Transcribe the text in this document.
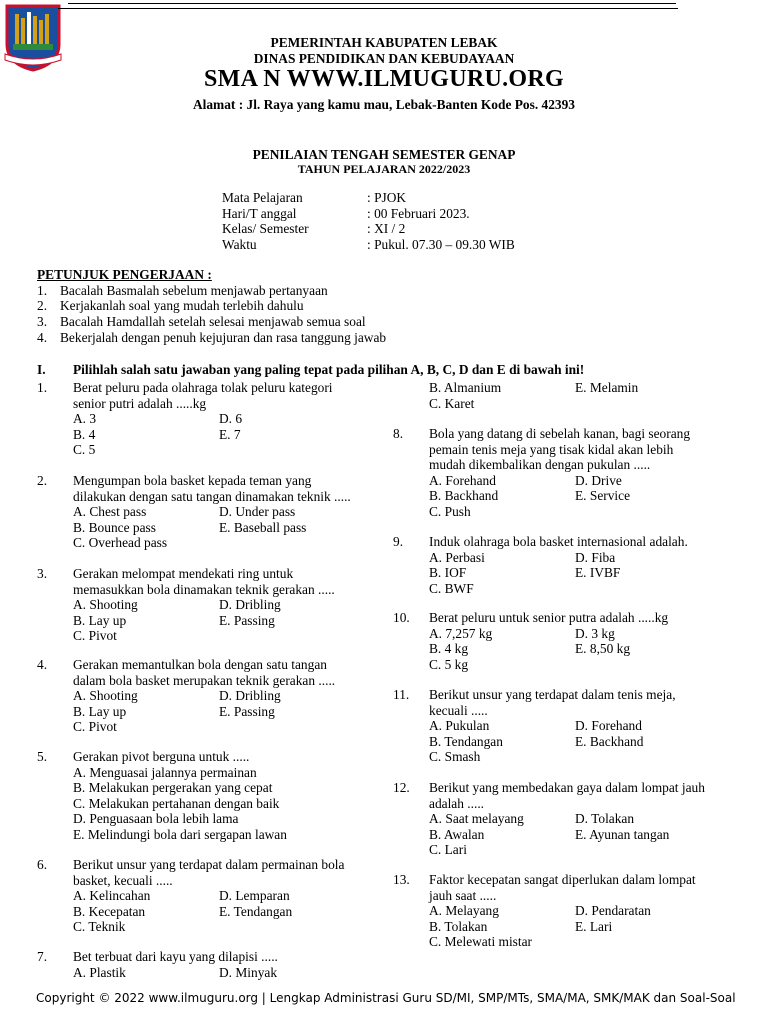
PEMERINTAH KABUPATEN LEBAK
DINAS PENDIDIKAN DAN KEBUDAYAAN
SMA N WWW.ILMUGURU.ORG
Alamat : Jl. Raya yang kamu mau, Lebak-Banten Kode Pos. 42393
PENILAIAN TENGAH SEMESTER GENAP
TAHUN PELAJARAN 2022/2023
Mata Pelajaran	: PJOK
Hari/T anggal	: 00 Februari 2023.
Kelas/ Semester	: XI / 2
Waktu	: Pukul. 07.30 – 09.30 WIB
PETUNJUK PENGERJAAN :
1. Bacalah Basmalah sebelum menjawab pertanyaan
2. Kerjakanlah soal yang mudah terlebih dahulu
3. Bacalah Hamdallah setelah selesai menjawab semua soal
4. Bekerjalah dengan penuh kejujuran dan rasa tanggung jawab
I. Pilihlah salah satu jawaban yang paling tepat pada pilihan A, B, C, D dan E di bawah ini!
1. Berat peluru pada olahraga tolak peluru kategori
senior putri adalah .....kg
A. 3	D. 6
B. 4	E. 7
C. 5
2. Mengumpan bola basket kepada teman yang
dilakukan dengan satu tangan dinamakan teknik .....
A. Chest pass	D. Under pass
B. Bounce pass	E. Baseball pass
C. Overhead pass
3. Gerakan melompat mendekati ring untuk
memasukkan bola dinamakan teknik gerakan .....
A. Shooting	D. Dribling
B. Lay up	E. Passing
C. Pivot
4. Gerakan memantulkan bola dengan satu tangan
dalam bola basket merupakan teknik gerakan .....
A. Shooting	D. Dribling
B. Lay up	E. Passing
C. Pivot
5. Gerakan pivot berguna untuk .....
A. Menguasai jalannya permainan
B. Melakukan pergerakan yang cepat
C. Melakukan pertahanan dengan baik
D. Penguasaan bola lebih lama
E. Melindungi bola dari sergapan lawan
6. Berikut unsur yang terdapat dalam permainan bola
basket, kecuali .....
A. Kelincahan	D. Lemparan
B. Kecepatan	E. Tendangan
C. Teknik
7. Bet terbuat dari kayu yang dilapisi .....
A. Plastik	D. Minyak
B. Almanium	E. Melamin
C. Karet
8. Bola yang datang di sebelah kanan, bagi seorang
pemain tenis meja yang tisak kidal akan lebih
mudah dikembalikan dengan pukulan .....
A. Forehand	D. Drive
B. Backhand	E. Service
C. Push
9. Induk olahraga bola basket internasional adalah.
A. Perbasi	D. Fiba
B. IOF	E. IVBF
C. BWF
10. Berat peluru untuk senior putra adalah .....kg
A. 7,257 kg	D. 3 kg
B. 4 kg	E. 8,50 kg
C. 5 kg
11. Berikut unsur yang terdapat dalam tenis meja,
kecuali .....
A. Pukulan	D. Forehand
B. Tendangan	E. Backhand
C. Smash
12. Berikut yang membedakan gaya dalam lompat jauh
adalah .....
A. Saat melayang	D. Tolakan
B. Awalan	E. Ayunan tangan
C. Lari
13. Faktor kecepatan sangat diperlukan dalam lompat
jauh saat .....
A. Melayang	D. Pendaratan
B. Tolakan	E. Lari
C. Melewati mistar
Copyright © 2022 www.ilmuguru.org | Lengkap Administrasi Guru SD/MI, SMP/MTs, SMA/MA, SMK/MAK dan Soal-Soal
